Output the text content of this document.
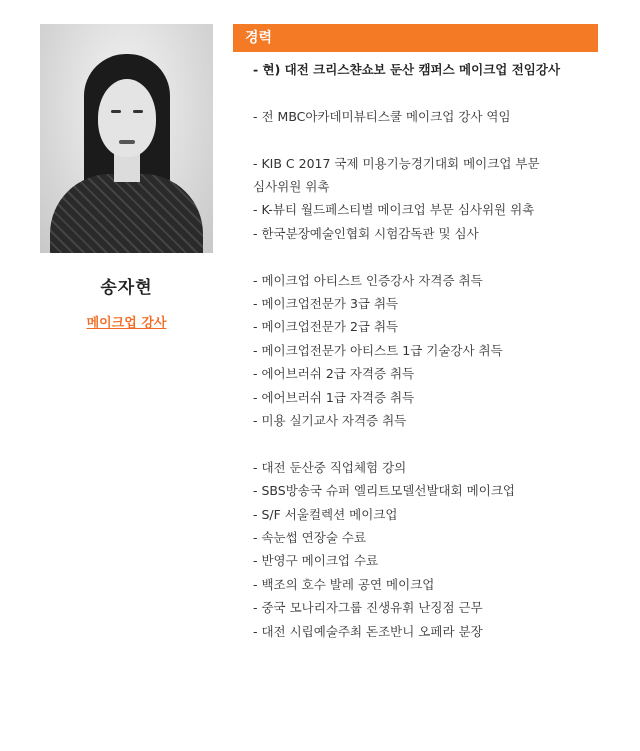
송자현
메이크업 강사
경력
- 현) 대전 크리스챤쇼보 둔산 캠퍼스 메이크업 전임강사
- 전 MBC아카데미뷰티스쿨 메이크업 강사 역임
- KIB C 2017 국제 미용기능경기대회 메이크업 부문
심사위원 위촉
- K-뷰티 월드페스티벌 메이크업 부문 심사위원 위촉
- 한국분장예술인협회 시험감독관 및 심사
- 메이크업 아티스트 인증강사 자격증 취득
- 메이크업전문가 3급 취득
- 메이크업전문가 2급 취득
- 메이크업전문가 아티스트 1급 기술강사 취득
- 에어브러쉬 2급 자격증 취득
- 에어브러쉬 1급 자격증 취득
- 미용 실기교사 자격증 취득
- 대전 둔산중 직업체험 강의
- SBS방송국 슈퍼 엘리트모델선발대회 메이크업
- S/F 서울컬렉션 메이크업
- 속눈썹 연장술 수료
- 반영구 메이크업 수료
- 백조의 호수 발레 공연 메이크업
- 중국 모나리자그룹 진생유휘 난징점 근무
- 대전 시립예술주최 돈조반니 오페라 분장
